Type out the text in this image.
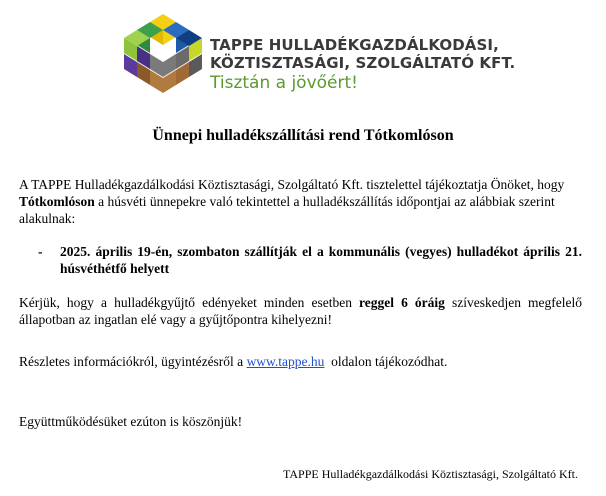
TAPPE HULLADÉKGAZDÁLKODÁSI,
KÖZTISZTASÁGI, SZOLGÁLTATÓ KFT.
Tisztán a jövőért!
Ünnepi hulladékszállítási rend Tótkomlóson
A TAPPE Hulladékgazdálkodási Köztisztasági, Szolgáltató Kft. tisztelettel tájékoztatja Önöket, hogy Tótkomlóson a húsvéti ünnepekre való tekintettel a hulladékszállítás időpontjai az alábbiak szerint alakulnak:
- 2025. április 19-én, szombaton szállítják el a kommunális (vegyes) hulladékot április 21. húsvéthétfő helyett
Kérjük, hogy a hulladékgyűjtő edényeket minden esetben reggel 6 óráig szíveskedjen megfelelő állapotban az ingatlan elé vagy a gyűjtőpontra kihelyezni!
Részletes információkról, ügyintézésről a www.tappe.hu  oldalon tájékozódhat.
Együttműködésüket ezúton is köszönjük!
TAPPE Hulladékgazdálkodási Köztisztasági, Szolgáltató Kft.
